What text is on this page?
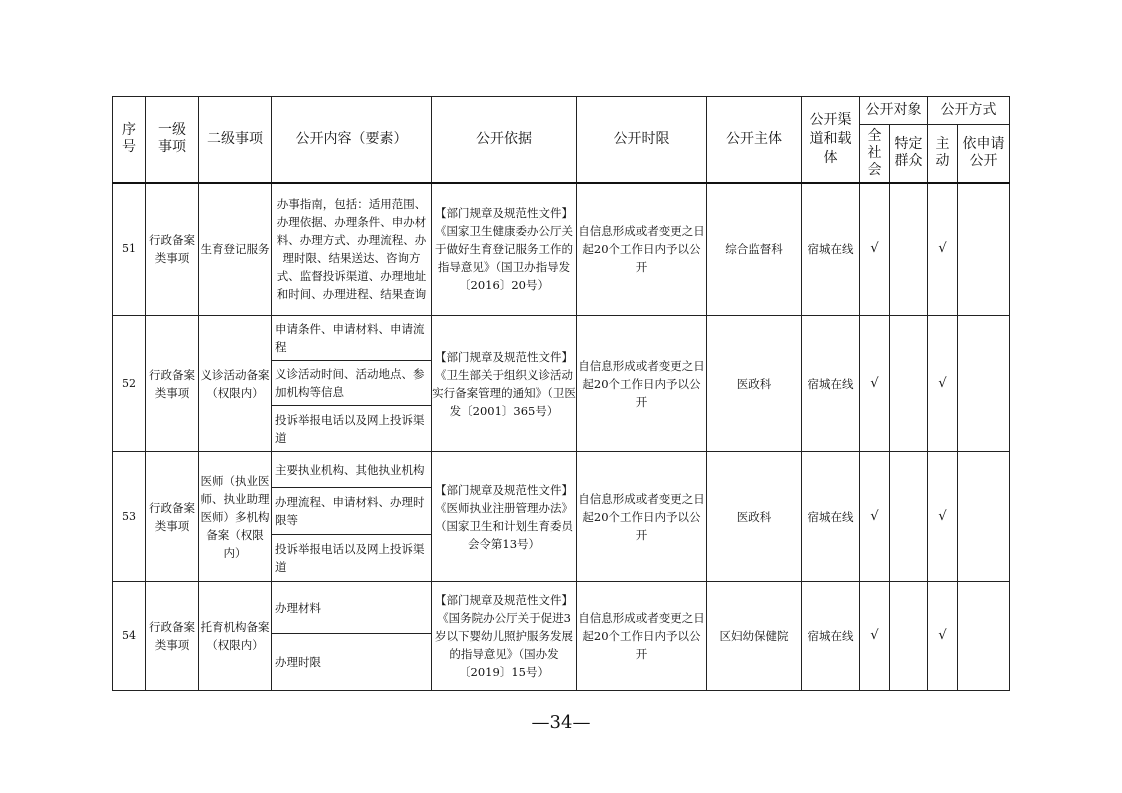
序号	一级事项	二级事项	公开内容（要素）	公开依据	公开时限	公开主体	公开渠道和载体	公开对象		公开方式	
								全社会	特定群众	主动	依申请公开
51	行政备案类事项	生育登记服务	办事指南，包括：适用范围、办理依据、办理条件、申办材料、办理方式、办理流程、办理时限、结果送达、咨询方式、监督投诉渠道、办理地址和时间、办理进程、结果查询	【部门规章及规范性文件】《国家卫生健康委办公厅关于做好生育登记服务工作的指导意见》（国卫办指导发〔2016〕20号）	自信息形成或者变更之日起20个工作日内予以公开	综合监督科	宿城在线	√		√	
52	行政备案类事项	义诊活动备案（权限内）	申请条件、申请材料、申请流程
义诊活动时间、活动地点、参加机构等信息
投诉举报电话以及网上投诉渠道	【部门规章及规范性文件】《卫生部关于组织义诊活动实行备案管理的通知》（卫医发〔2001〕365号）	自信息形成或者变更之日起20个工作日内予以公开	医政科	宿城在线	√		√	
53	行政备案类事项	医师（执业医师、执业助理医师）多机构备案（权限内）	主要执业机构、其他执业机构
办理流程、申请材料、办理时限等
投诉举报电话以及网上投诉渠道	【部门规章及规范性文件】《医师执业注册管理办法》（国家卫生和计划生育委员会令第13号）	自信息形成或者变更之日起20个工作日内予以公开	医政科	宿城在线	√		√	
54	行政备案类事项	托育机构备案（权限内）	办理材料
办理时限	【部门规章及规范性文件】《国务院办公厅关于促进3岁以下婴幼儿照护服务发展的指导意见》（国办发〔2019〕15号）	自信息形成或者变更之日起20个工作日内予以公开	区妇幼保健院	宿城在线	√		√	
—34—
